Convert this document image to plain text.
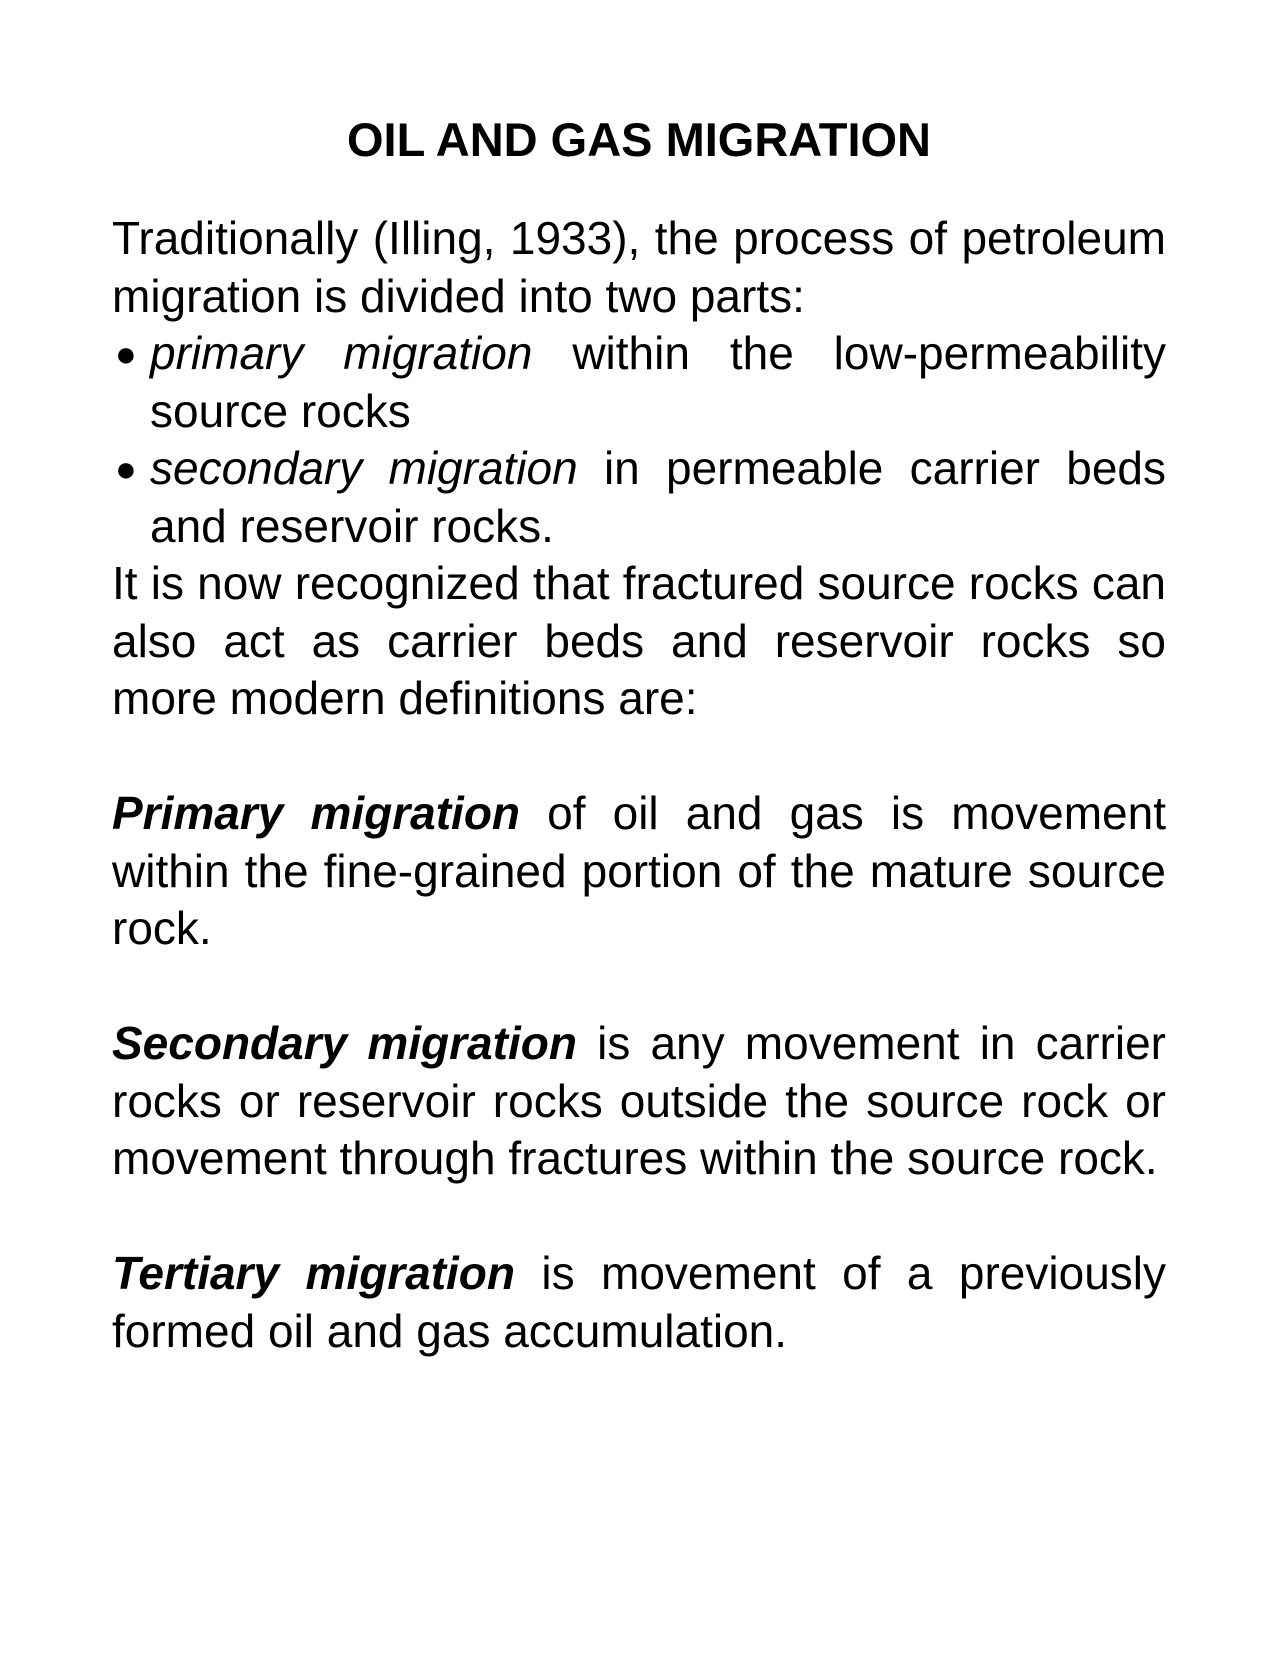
OIL AND GAS MIGRATION

Traditionally (Illing, 1933), the process of petroleum migration is divided into two parts:

● primary migration within the low-permeability source rocks
● secondary migration in permeable carrier beds and reservoir rocks.

It is now recognized that fractured source rocks can also act as carrier beds and reservoir rocks so more modern definitions are:

Primary migration of oil and gas is movement within the fine-grained portion of the mature source rock.

Secondary migration is any movement in carrier rocks or reservoir rocks outside the source rock or movement through fractures within the source rock.

Tertiary migration is movement of a previously formed oil and gas accumulation.
